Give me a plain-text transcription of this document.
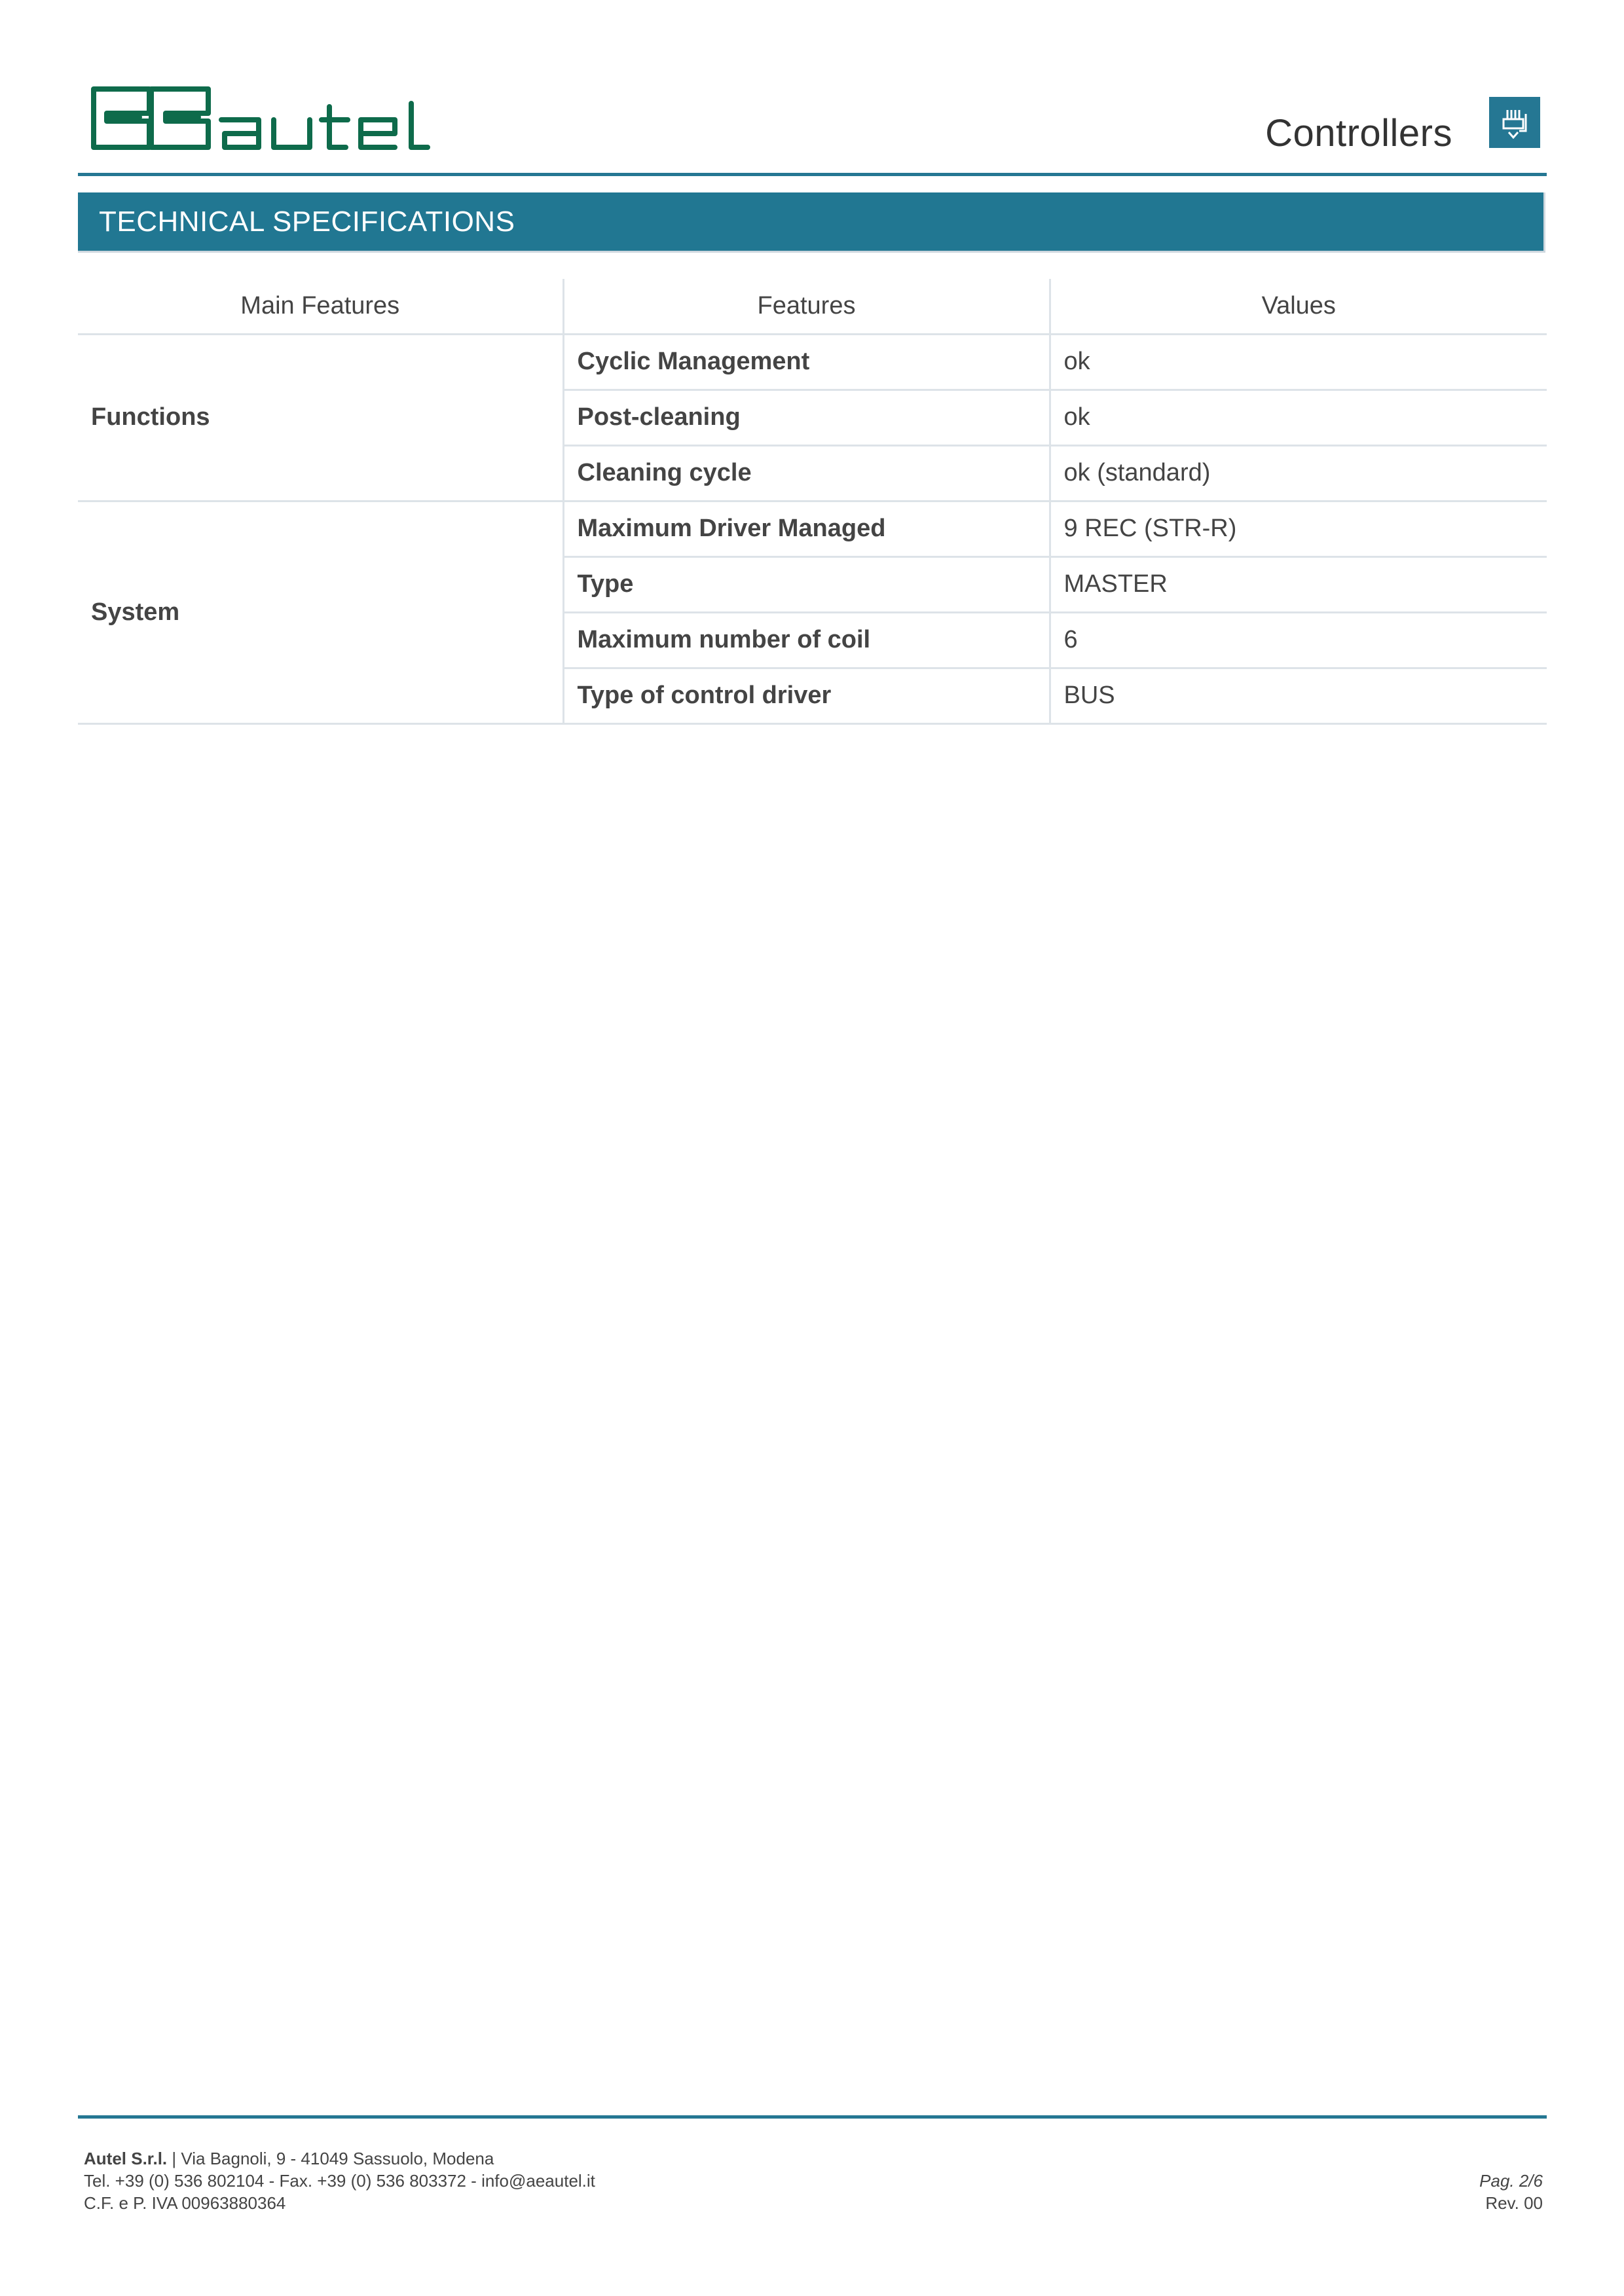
Controllers
TECHNICAL SPECIFICATIONS
Main Features	Features	Values
Functions	Cyclic Management	ok
	Post-cleaning	ok
	Cleaning cycle	ok (standard)
System	Maximum Driver Managed	9 REC (STR-R)
	Type	MASTER
	Maximum number of coil	6
	Type of control driver	BUS
Autel S.r.l. | Via Bagnoli, 9 - 41049 Sassuolo, Modena
Tel. +39 (0) 536 802104 - Fax. +39 (0) 536 803372 - info@aeautel.it
C.F. e P. IVA 00963880364
Pag. 2/6
Rev. 00
